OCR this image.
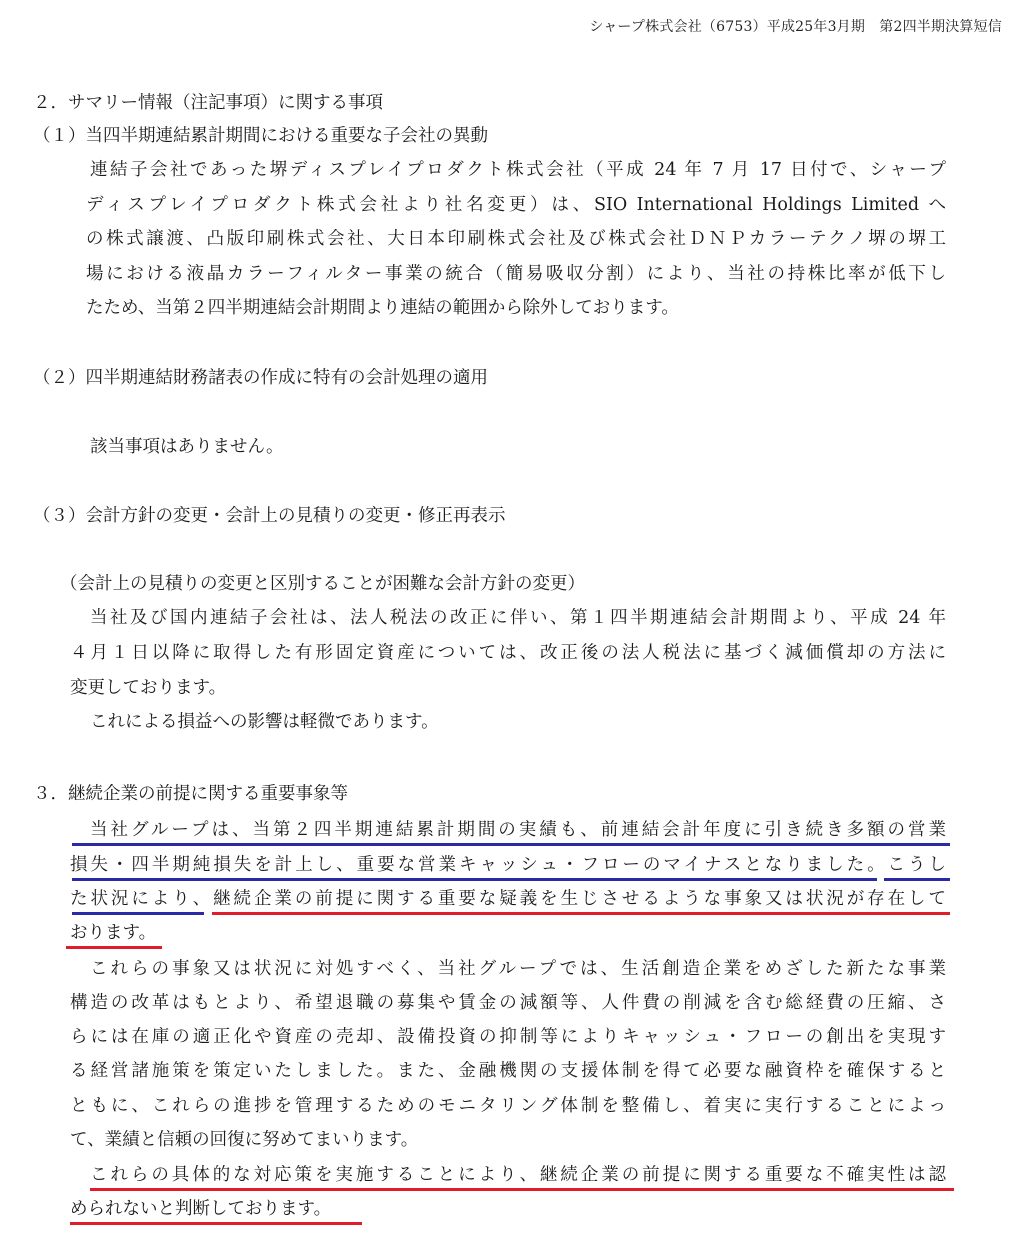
シャープ株式会社（6753）平成25年3月期　第2四半期決算短信
２．サマリー情報（注記事項）に関する事項
（１）当四半期連結累計期間における重要な子会社の異動
連結子会社であった堺ディスプレイプロダクト株式会社（平成 24 年 7 月 17 日付で、シャープ
ディスプレイプロダクト株式会社より社名変更）は、SIO International Holdings Limited へ
の株式譲渡、凸版印刷株式会社、大日本印刷株式会社及び株式会社ＤＮＰカラーテクノ堺の堺工
場における液晶カラーフィルター事業の統合（簡易吸収分割）により、当社の持株比率が低下し
たため、当第２四半期連結会計期間より連結の範囲から除外しております。
（２）四半期連結財務諸表の作成に特有の会計処理の適用
該当事項はありません。
（３）会計方針の変更・会計上の見積りの変更・修正再表示
（会計上の見積りの変更と区別することが困難な会計方針の変更）
当社及び国内連結子会社は、法人税法の改正に伴い、第１四半期連結会計期間より、平成 24 年
４月１日以降に取得した有形固定資産については、改正後の法人税法に基づく減価償却の方法に
変更しております。
これによる損益への影響は軽微であります。
３．継続企業の前提に関する重要事象等
当社グループは、当第２四半期連結累計期間の実績も、前連結会計年度に引き続き多額の営業
損失・四半期純損失を計上し、重要な営業キャッシュ・フローのマイナスとなりました。こうし
た状況により、継続企業の前提に関する重要な疑義を生じさせるような事象又は状況が存在して
おります。
これらの事象又は状況に対処すべく、当社グループでは、生活創造企業をめざした新たな事業
構造の改革はもとより、希望退職の募集や賃金の減額等、人件費の削減を含む総経費の圧縮、さ
らには在庫の適正化や資産の売却、設備投資の抑制等によりキャッシュ・フローの創出を実現す
る経営諸施策を策定いたしました。また、金融機関の支援体制を得て必要な融資枠を確保すると
ともに、これらの進捗を管理するためのモニタリング体制を整備し、着実に実行することによっ
て、業績と信頼の回復に努めてまいります。
これらの具体的な対応策を実施することにより、継続企業の前提に関する重要な不確実性は認
められないと判断しております。
